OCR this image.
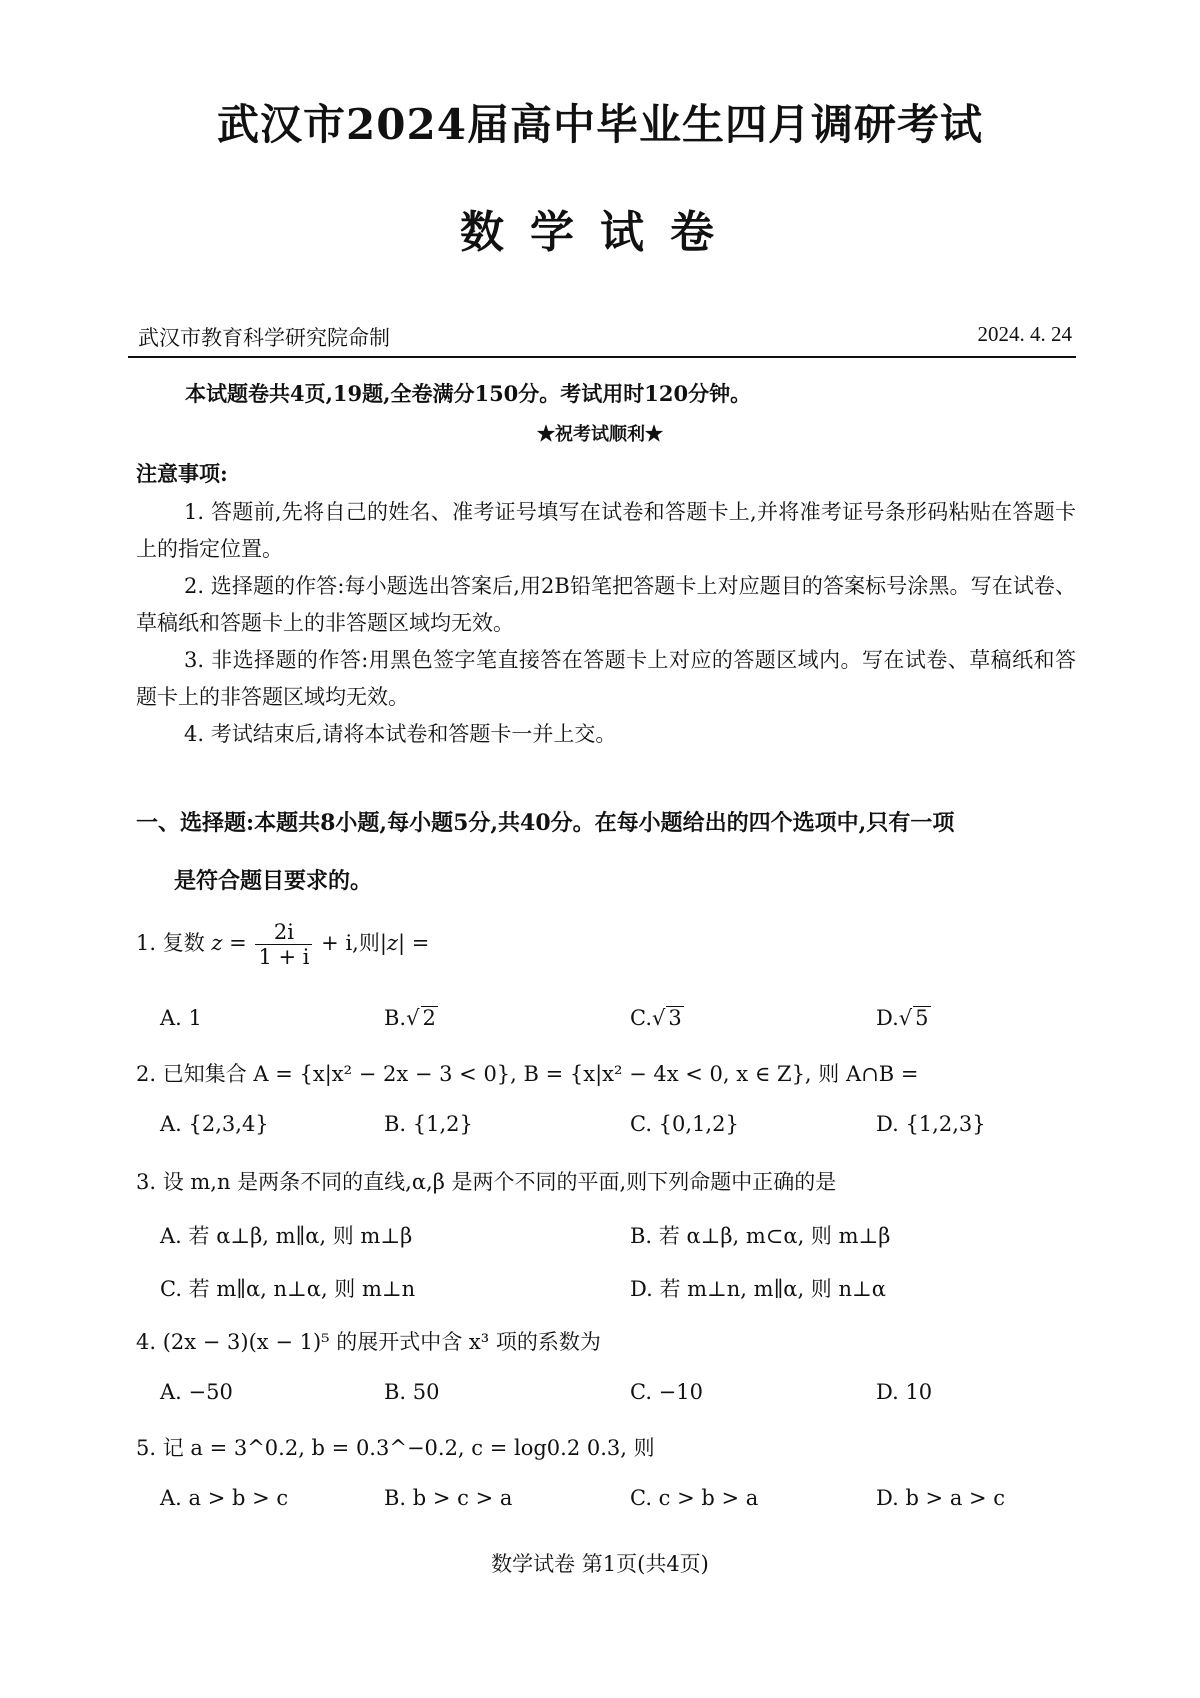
武汉市2024届高中毕业生四月调研考试
数学试卷
武汉市教育科学研究院命制	2024. 4. 24
本试题卷共4页,19题,全卷满分150分。考试用时120分钟。
★祝考试顺利★
注意事项:

1. 答题前,先将自己的姓名、准考证号填写在试卷和答题卡上,并将准考证号条形码粘贴在答题卡上的指定位置。

2. 选择题的作答:每小题选出答案后,用2B铅笔把答题卡上对应题目的答案标号涂黑。写在试卷、草稿纸和答题卡上的非答题区域均无效。

3. 非选择题的作答:用黑色签字笔直接答在答题卡上对应的答题区域内。写在试卷、草稿纸和答题卡上的非答题区域均无效。

4. 考试结束后,请将本试卷和答题卡一并上交。

一、选择题:本题共8小题,每小题5分,共40分。在每小题给出的四个选项中,只有一项
是符合题目要求的。
1. 复数 $z = \frac{2i}{1 + i} + i$,则|z| =
A. 1	B.√ 2	C.√ 3	D.√ 5
2. 已知集合 A = {x|x² − 2x − 3 < 0}, B = {x|x² − 4x < 0, x ∈ Z}, 则 A∩B =
A. {2,3,4}	B. {1,2}	C. {0,1,2}	D. {1,2,3}
3. 设 m,n 是两条不同的直线,α,β 是两个不同的平面,则下列命题中正确的是
A. 若 α⊥β, m∥α, 则 m⊥β	B. 若 α⊥β, m⊂α, 则 m⊥β
C. 若 m∥α, n⊥α, 则 m⊥n	D. 若 m⊥n, m∥α, 则 n⊥α
4. (2x − 3)(x − 1)⁵ 的展开式中含 x³ 项的系数为
A. −50	B. 50	C. −10	D. 10
5. 记 a = 3^0.2, b = 0.3^−0.2, c = log0.2 0.3, 则
A. a > b > c	B. b > c > a	C. c > b > a	D. b > a > c
数学试卷 第1页(共4页)
